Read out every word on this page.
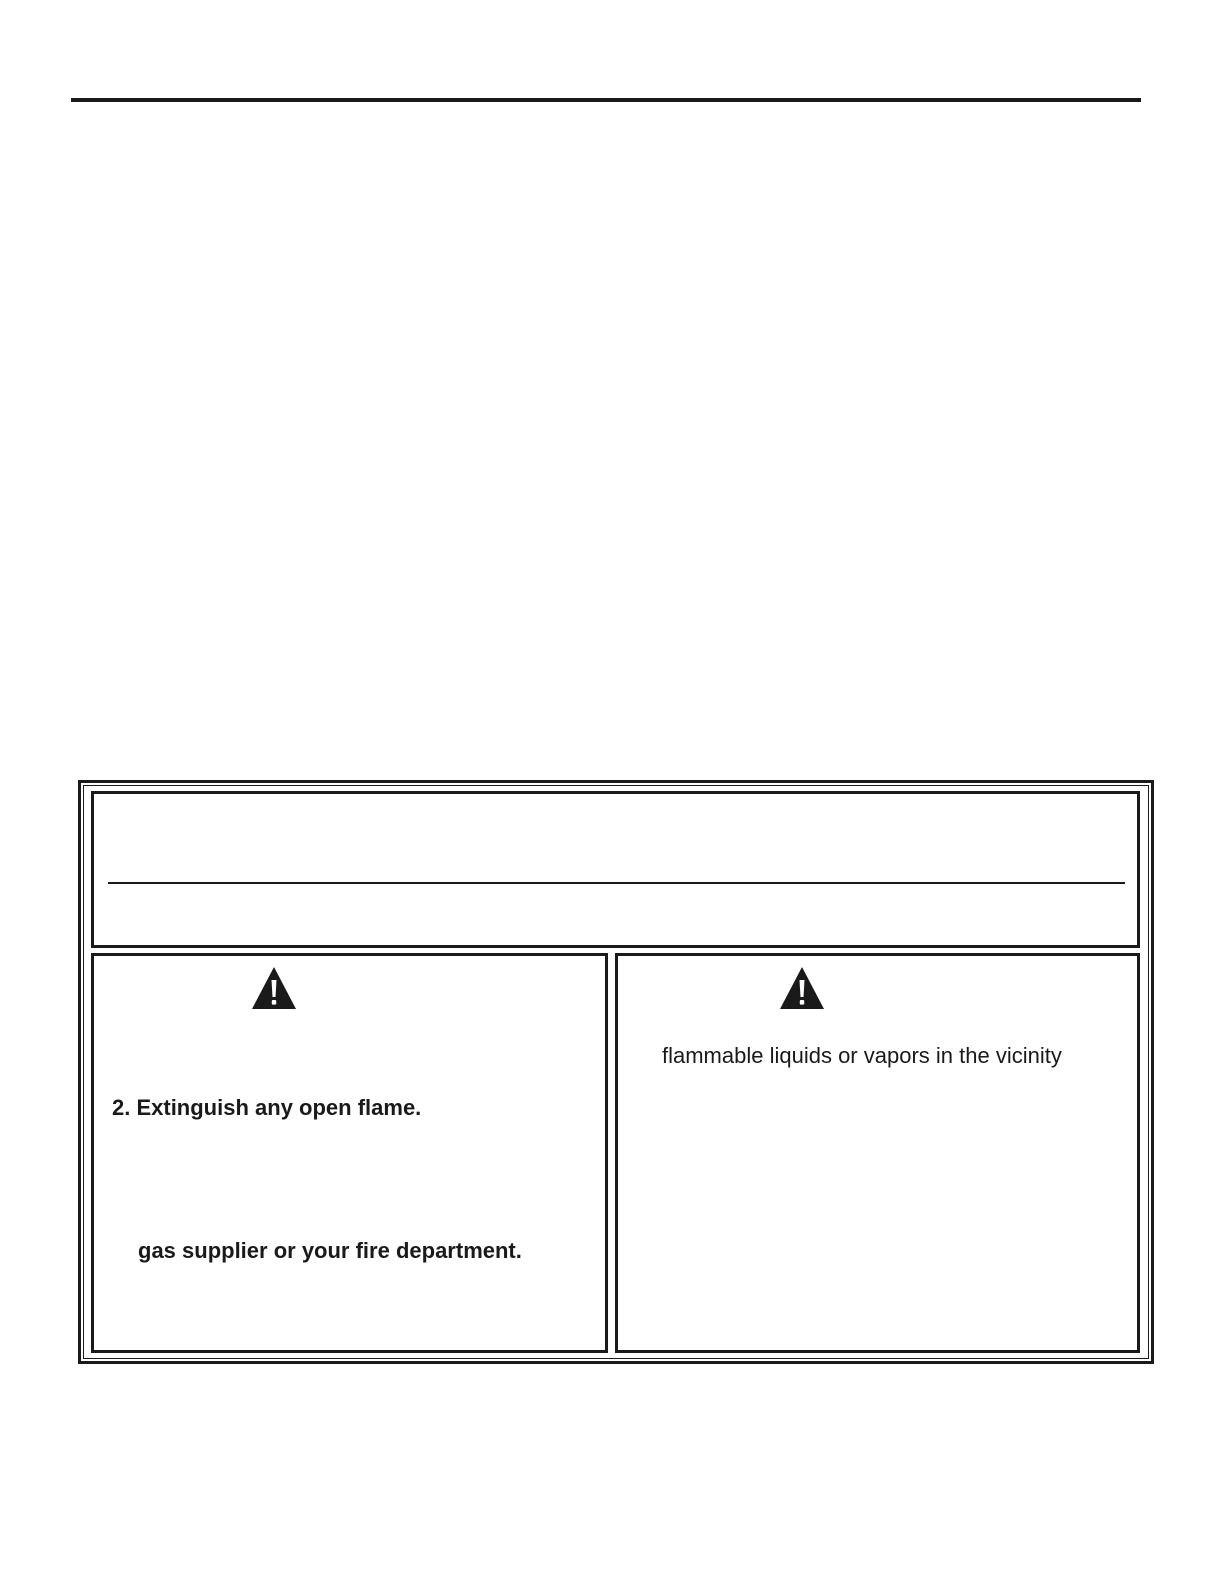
2. Extinguish any open flame.
gas supplier or your fire department.
flammable liquids or vapors in the vicinity
